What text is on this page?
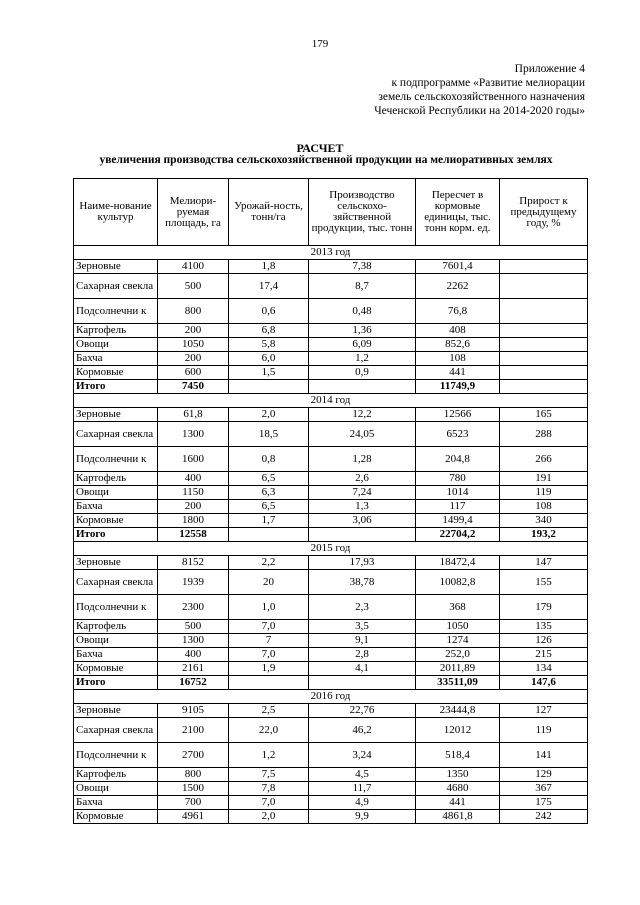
179
Приложение 4
к подпрограмме «Развитие мелиорации
земель сельскохозяйственного назначения
Чеченской Республики на 2014-2020 годы»
РАСЧЕТ
увеличения производства сельскохозяйственной продукции на мелиоративных землях
Наиме-нование культур	Мелиори-руемая площадь, га	Урожай-ность, тонн/га	Производство сельскохо-зяйственной продукции, тыс. тонн	Пересчет в кормовые единицы, тыс. тонн корм. ед.	Прирост к предыдущему году, %
2013 год					
Зерновые	4100	1,8	7,38	7601,4	
Сахарная свекла	500	17,4	8,7	2262	
Подсолнечни к	800	0,6	0,48	76,8	
Картофель	200	6,8	1,36	408	
Овощи	1050	5,8	6,09	852,6	
Бахча	200	6,0	1,2	108	
Кормовые	600	1,5	0,9	441	
Итого	7450			11749,9	
2014 год					
Зерновые	61,8	2,0	12,2	12566	165
Сахарная свекла	1300	18,5	24,05	6523	288
Подсолнечни к	1600	0,8	1,28	204,8	266
Картофель	400	6,5	2,6	780	191
Овощи	1150	6,3	7,24	1014	119
Бахча	200	6,5	1,3	117	108
Кормовые	1800	1,7	3,06	1499,4	340
Итого	12558			22704,2	193,2
2015 год					
Зерновые	8152	2,2	17,93	18472,4	147
Сахарная свекла	1939	20	38,78	10082,8	155
Подсолнечни к	2300	1,0	2,3	368	179
Картофель	500	7,0	3,5	1050	135
Овощи	1300	7	9,1	1274	126
Бахча	400	7,0	2,8	252,0	215
Кормовые	2161	1,9	4,1	2011,89	134
Итого	16752			33511,09	147,6
2016 год					
Зерновые	9105	2,5	22,76	23444,8	127
Сахарная свекла	2100	22,0	46,2	12012	119
Подсолнечни к	2700	1,2	3,24	518,4	141
Картофель	800	7,5	4,5	1350	129
Овощи	1500	7,8	11,7	4680	367
Бахча	700	7,0	4,9	441	175
Кормовые	4961	2,0	9,9	4861,8	242
